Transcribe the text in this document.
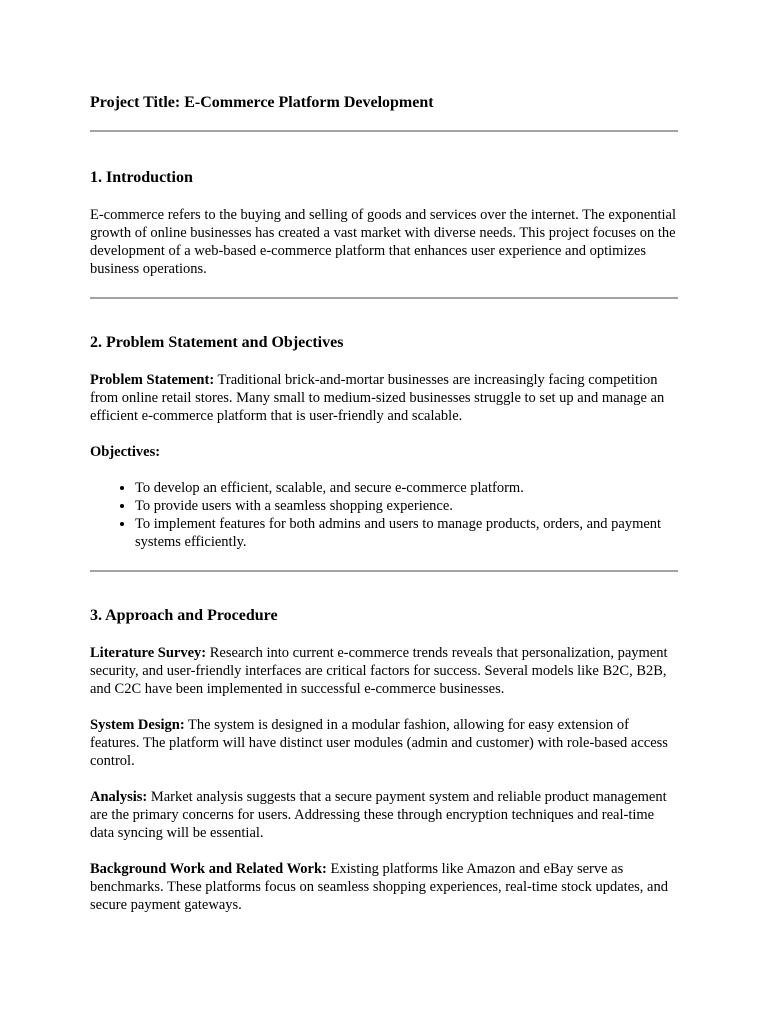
Project Title: E-Commerce Platform Development
1. Introduction

E-commerce refers to the buying and selling of goods and services over the internet. The exponential growth of online businesses has created a vast market with diverse needs. This project focuses on the development of a web-based e-commerce platform that enhances user experience and optimizes business operations.

2. Problem Statement and Objectives

Problem Statement: Traditional brick-and-mortar businesses are increasingly facing competition from online retail stores. Many small to medium-sized businesses struggle to set up and manage an efficient e-commerce platform that is user-friendly and scalable.

Objectives:

• To develop an efficient, scalable, and secure e-commerce platform.
• To provide users with a seamless shopping experience.
• To implement features for both admins and users to manage products, orders, and payment systems efficiently.
3. Approach and Procedure

Literature Survey: Research into current e-commerce trends reveals that personalization, payment security, and user-friendly interfaces are critical factors for success. Several models like B2C, B2B, and C2C have been implemented in successful e-commerce businesses.

System Design: The system is designed in a modular fashion, allowing for easy extension of features. The platform will have distinct user modules (admin and customer) with role-based access control.

Analysis: Market analysis suggests that a secure payment system and reliable product management are the primary concerns for users. Addressing these through encryption techniques and real-time data syncing will be essential.

Background Work and Related Work: Existing platforms like Amazon and eBay serve as benchmarks. These platforms focus on seamless shopping experiences, real-time stock updates, and secure payment gateways.
